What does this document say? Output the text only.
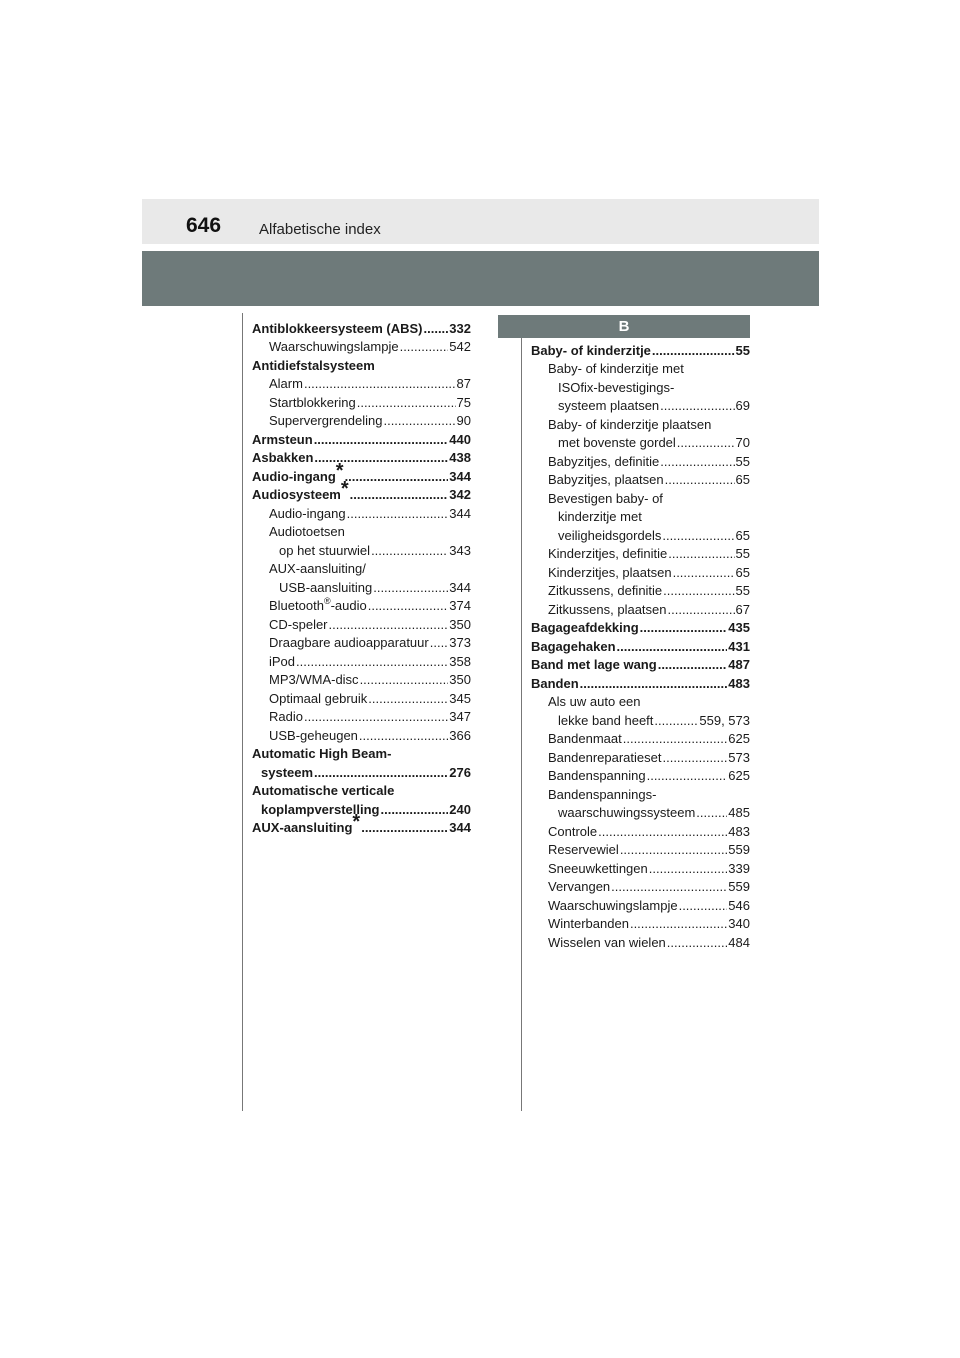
646	Alfabetische index
B
Antiblokkeersysteem (ABS) ..... 332
Waarschuwingslampje .....	542
Antidiefstalsysteem
Alarm .....	87
Startblokkering .....	75
Supervergrendeling .....	90
Armsteun .....	440
Asbakken .....	438
Audio-ingang* .....	344
Audiosysteem* .....	342
Audio-ingang .....	344
Audiotoetsen
op het stuurwiel .....	343
AUX-aansluiting/
USB-aansluiting .....	344
Bluetooth®-audio .....	374
CD-speler .....	350
Draagbare audioapparatuur ..... 373
iPod .....	358
MP3/WMA-disc .....	350
Optimaal gebruik .....	345
Radio .....	347
USB-geheugen .....	366
Automatic High Beam-
systeem .....	276
Automatische verticale
koplampverstelling .....	240
AUX-aansluiting* .....	344
Baby- of kinderzitje .....	55
Baby- of kinderzitje met
ISOfix-bevestigings-
systeem plaatsen .....	69
Baby- of kinderzitje plaatsen
met bovenste gordel .....	70
Babyzitjes, definitie .....	55
Babyzitjes, plaatsen .....	65
Bevestigen baby- of
kinderzitje met
veiligheidsgordels .....	65
Kinderzitjes, definitie .....	55
Kinderzitjes, plaatsen .....	65
Zitkussens, definitie .....	55
Zitkussens, plaatsen .....	67
Bagageafdekking .....	435
Bagagehaken .....	431
Band met lage wang .....	487
Banden .....	483
Als uw auto een
lekke band heeft .....	559, 573
Bandenmaat .....	625
Bandenreparatieset .....	573
Bandenspanning .....	625
Bandenspannings-
waarschuwingssysteem .....	485
Controle .....	483
Reservewiel .....	559
Sneeuwkettingen .....	339
Vervangen .....	559
Waarschuwingslampje .....	546
Winterbanden .....	340
Wisselen van wielen .....	484
